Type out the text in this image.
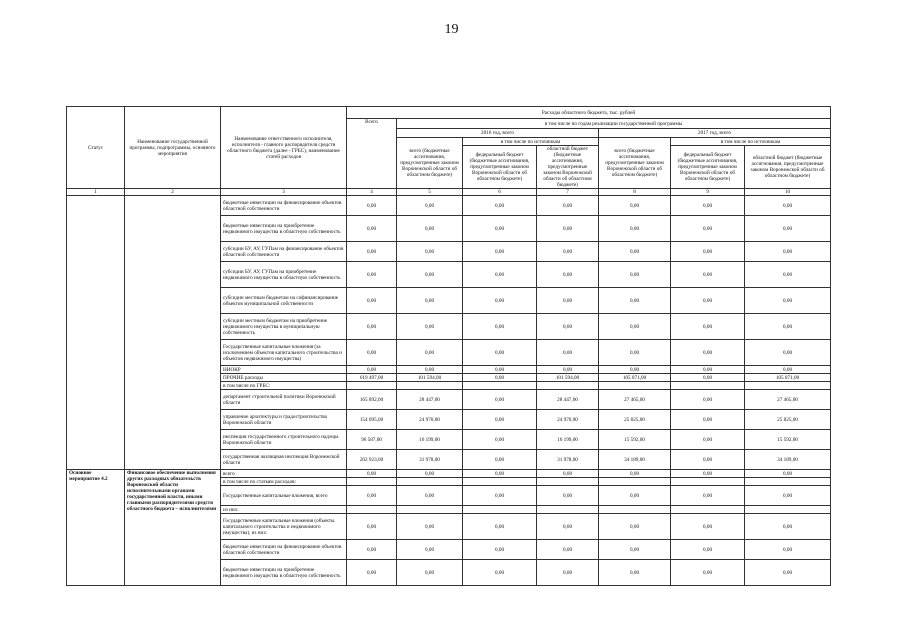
19
Статус	Наименование государственной программы, подпрограммы, основного мероприятия	Наименование ответственного исполнителя, исполнителя - главного распорядителя средств областного бюджета (далее - ГРБС), наименование статей расходов	Расходы областного бюджета, тыс. рублей						
			Всего	в том числе по годам реализации государственной программы					
				2016 год, всего			2017 год, всего		
				всего (бюджетные ассигнования, предусмотренные законом Воронежской области об областном бюджете)	в том числе по источникам		всего (бюджетные ассигнования, предусмотренные законом Воронежской области об областном бюджете)	в том числе по источникам	
					федеральный бюджет (бюджетные ассигнования, предусмотренные законом Воронежской области об областном бюджете)	областной бюджет (бюджетные ассигнования, предусмотренные законом Воронежской области об областном бюджете)		федеральный бюджет (бюджетные ассигнования, предусмотренные законом Воронежской области об областном бюджете)	областной бюджет (бюджетные ассигнования, предусмотренные законом Воронежской области об областном бюджете)
1	2	3	4	5	6	7	8	9	10
		бюджетные инвестиции на финансирование объектов областной собственности	0,00	0,00	0,00	0,00	0,00	0,00	0,00
		бюджетные инвестиции на приобретение недвижимого имущества в областную собственность	0,00	0,00	0,00	0,00	0,00	0,00	0,00
		субсидии БУ, АУ, ГУПам на финансирование объектов областной собственности	0,00	0,00	0,00	0,00	0,00	0,00	0,00
		субсидии БУ, АУ, ГУПам на приобретение недвижимого имущества в областную собственность	0,00	0,00	0,00	0,00	0,00	0,00	0,00
		субсидии местным бюджетам на софинансирование объектов муниципальной собственности	0,00	0,00	0,00	0,00	0,00	0,00	0,00
		субсидии местным бюджетам на приобретение недвижимого имущества в муниципальную собственность	0,00	0,00	0,00	0,00	0,00	0,00	0,00
		Государственные капитальные вложения (за исключением объектов капитального строительства и объектов недвижимого имущества)	0,00	0,00	0,00	0,00	0,00	0,00	0,00
		НИОКР	0,00	0,00	0,00	0,00	0,00	0,00	0,00
		ПРОЧИЕ расходы	619 497,00	101 594,00	0,00	101 594,00	105 071,00	0,00	105 071,00
		в том числе по ГРБС:							
		департамент строительной политики Воронежской области	165 892,00	28 447,00	0,00	28 447,00	27 465,00	0,00	27 465,00
		управление архитектуры и градостроительства Воронежской области	154 095,00	24 970,00	0,00	24 970,00	25 825,00	0,00	25 825,00
		инспекция государственного строительного надзора Воронежской области	96 587,00	16 199,00	0,00	16 199,00	15 592,00	0,00	15 592,00
		государственная жилищная инспекция Воронежской области	202 923,00	31 978,00	0,00	31 978,00	34 189,00	0,00	34 189,00
Основное мероприятие 4.2	Финансовое обеспечение выполнения других расходных обязательств Воронежской области исполнительными органами государственной власти, иными главными распорядителями средств областного бюджета – исполнителями	всего	0,00	0,00	0,00	0,00	0,00	0,00	0,00
		в том числе по статьям расходов:							
		Государственные капитальные вложения, всего	0,00	0,00	0,00	0,00	0,00	0,00	0,00
		из них:							
		Государственные капитальные вложения (объекты капитального строительства и недвижимого имущества), из них:	0,00	0,00	0,00	0,00	0,00	0,00	0,00
		бюджетные инвестиции на финансирование объектов областной собственности	0,00	0,00	0,00	0,00	0,00	0,00	0,00
		бюджетные инвестиции на приобретение недвижимого имущества в областную собственность	0,00	0,00	0,00	0,00	0,00	0,00	0,00
